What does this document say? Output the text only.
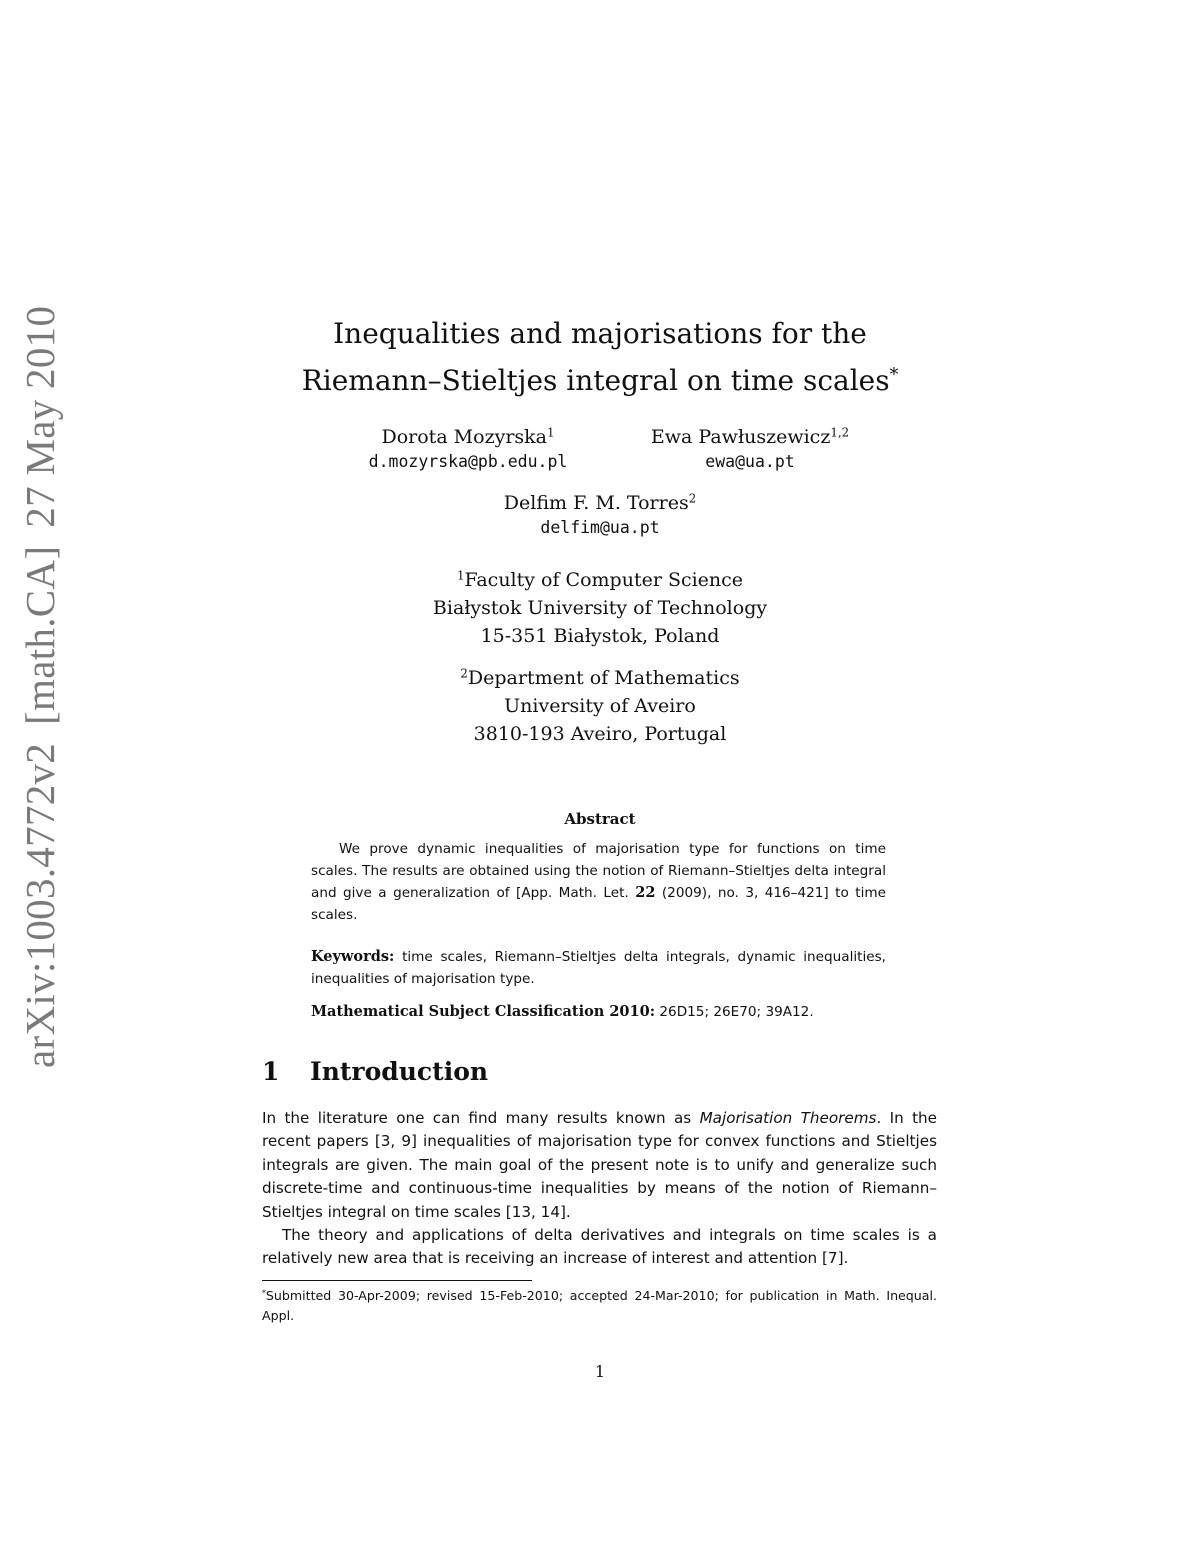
arXiv:1003.4772v2[math.CA]27 May 2010	Inequalities and majorisations for the
Riemann–Stieltjes integral on time scales*
Dorota Mozyrska$^1$
d.mozyrska@pb.edu.pl
Ewa Pawłuszewicz$^{1,2}$
ewa@ua.pt
Delfim F. M. Torres$^2$
delfim@ua.pt
$^1$Faculty of Computer Science
Białystok University of Technology
15-351 Białystok, Poland
$^2$Department of Mathematics
University of Aveiro
3810-193 Aveiro, Portugal
Abstract
We prove dynamic inequalities of majorisation type for functions on time scales. The results are obtained using the notion of Riemann–Stieltjes delta integral and give a generalization of [App. Math. Let. 22 (2009), no. 3, 416–421] to time scales.
Keywords: time scales, Riemann–Stieltjes delta integrals, dynamic inequalities, inequalities of majorisation type.
Mathematical Subject Classification 2010: 26D15; 26E70; 39A12.
1 Introduction

In the literature one can find many results known as Majorisation Theorems. In the recent papers [3, 9] inequalities of majorisation type for convex functions and Stieltjes integrals are given. The main goal of the present note is to unify and generalize such discrete-time and continuous-time inequalities by means of the notion of Riemann–Stieltjes integral on time scales [13, 14].

The theory and applications of delta derivatives and integrals on time scales is a relatively new area that is receiving an increase of interest and attention [7].

*Submitted 30-Apr-2009; revised 15-Feb-2010; accepted 24-Mar-2010; for publication in Math. Inequal. Appl.
1
